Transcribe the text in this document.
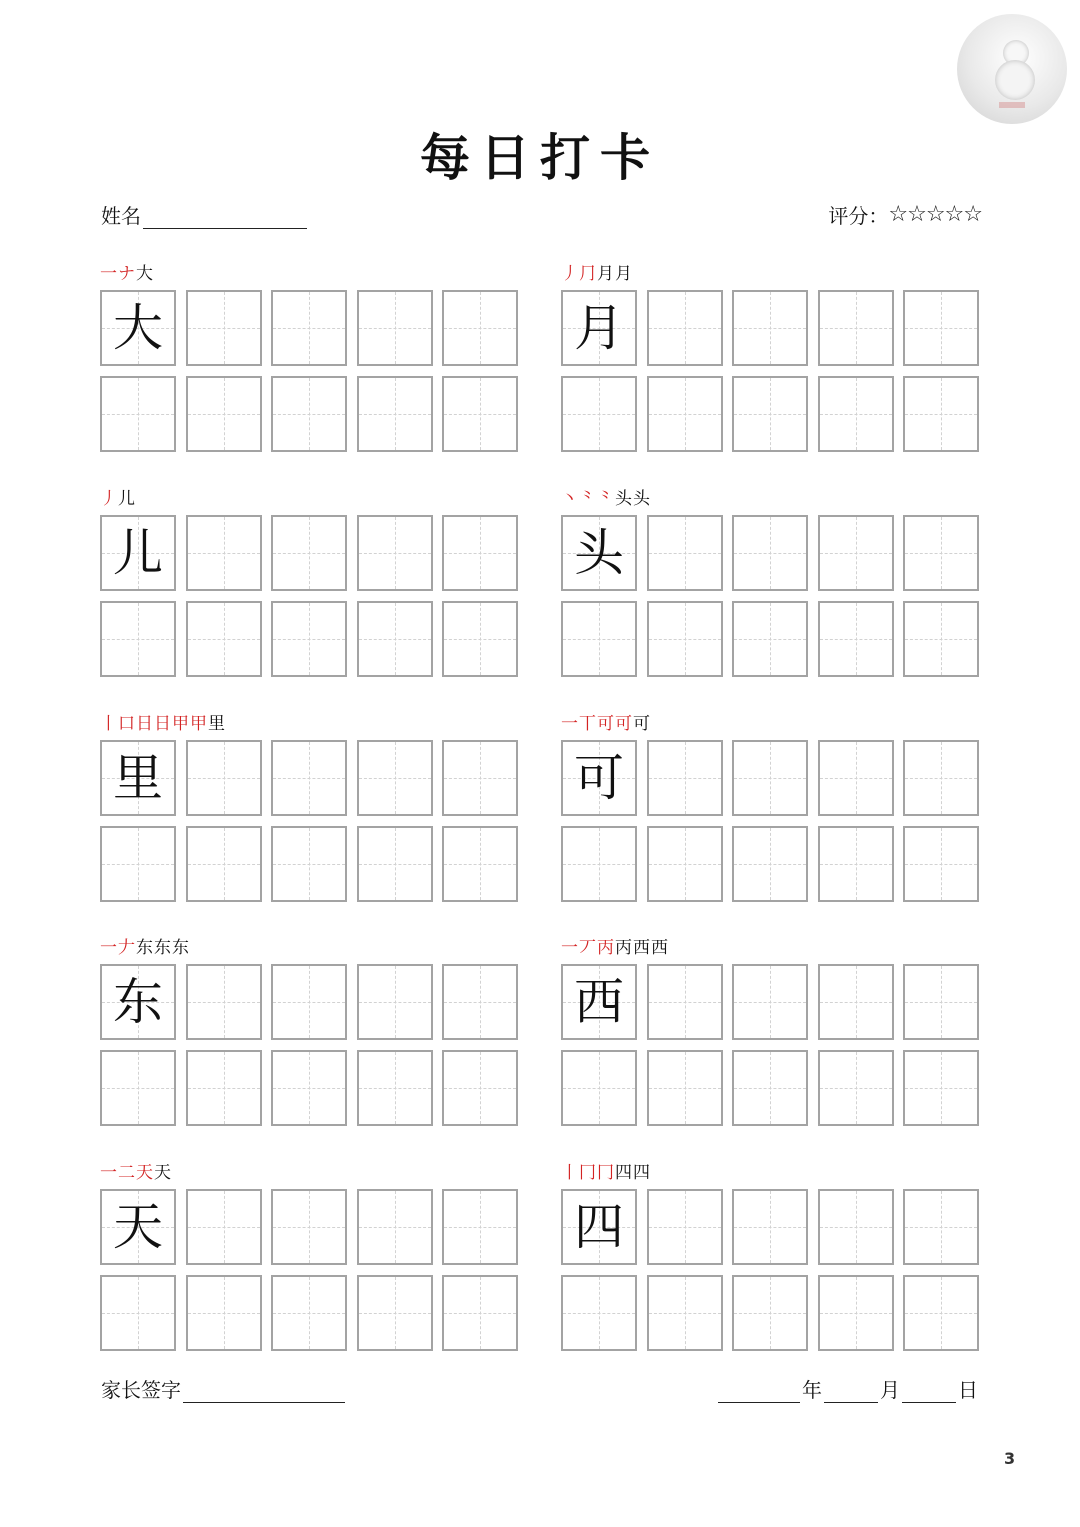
每日打卡
姓名	评分： ☆☆☆☆☆
一ナ大
大
丿⺆月月
月
丿儿
儿
丶⺀⺀头头
头
丨口日日甲甲里
里
一丅可可可
可
一𠂇东东东
东
一丆丙丙西西
西
一二天天
天
丨冂冂四四
四
家长签字	年	月	日
3
